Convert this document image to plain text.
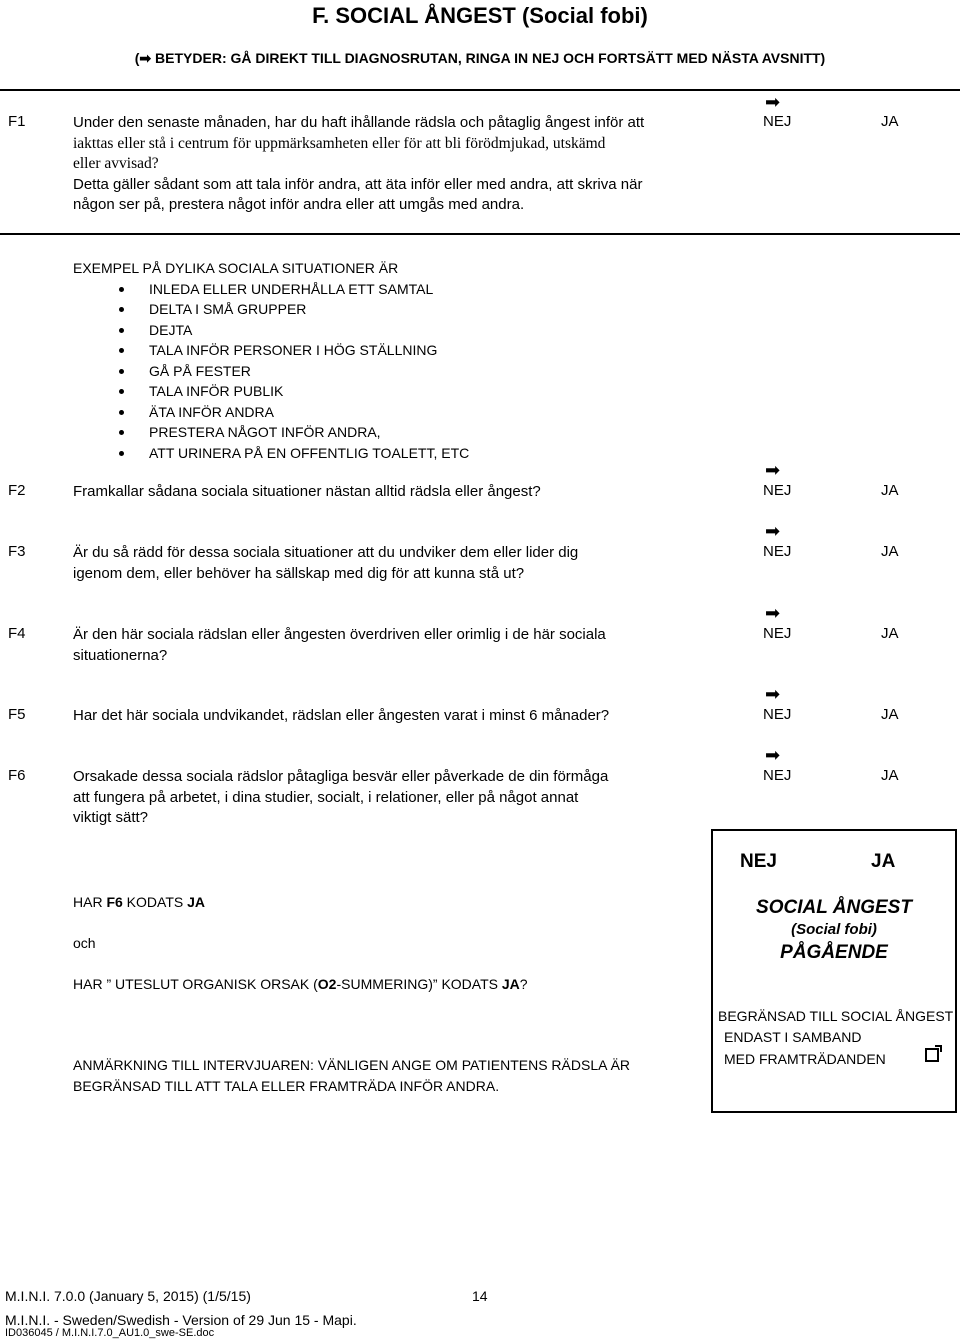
F. SOCIAL ÅNGEST (Social fobi)
(➡ BETYDER: GÅ DIREKT TILL DIAGNOSRUTAN, RINGA IN NEJ OCH FORTSÄTT MED NÄSTA AVSNITT)
F1	Under den senaste månaden, har du haft ihållande rädsla och påtaglig ångest inför att
iakttas eller stå i centrum för uppmärksamheten eller för att bli förödmjukad, utskämd
eller avvisad?
Detta gäller sådant som att tala inför andra, att äta inför eller med andra, att skriva när
någon ser på, prestera något inför andra eller att umgås med andra.
➡
NEJ	JA
EXEMPEL PÅ DYLIKA SOCIALA SITUATIONER ÄR
INLEDA ELLER UNDERHÅLLA ETT SAMTAL
DELTA I SMÅ GRUPPER
DEJTA
TALA INFÖR PERSONER I HÖG STÄLLNING
GÅ PÅ FESTER
TALA INFÖR PUBLIK
ÄTA INFÖR ANDRA
PRESTERA NÅGOT INFÖR ANDRA,
ATT URINERA PÅ EN OFFENTLIG TOALETT, ETC
➡
F2	Framkallar sådana sociala situationer nästan alltid rädsla eller ångest?	NEJ	JA
➡
F3	Är du så rädd för dessa sociala situationer att du undviker dem eller lider dig
igenom dem, eller behöver ha sällskap med dig för att kunna stå ut?
NEJ	JA
➡
F4	Är den här sociala rädslan eller ångesten överdriven eller orimlig i de här sociala
situationerna?
NEJ	JA
➡
F5	Har det här sociala undvikandet, rädslan eller ångesten varat i minst 6 månader?	NEJ	JA
➡
F6	Orsakade dessa sociala rädslor påtagliga besvär eller påverkade de din förmåga
att fungera på arbetet, i dina studier, socialt, i relationer, eller på något annat
viktigt sätt?
NEJ	JA
HAR F6 KODATS JA
och
HAR ” UTESLUT ORGANISK ORSAK (O2-SUMMERING)” KODATS JA?
ANMÄRKNING TILL INTERVJUAREN: VÄNLIGEN ANGE OM PATIENTENS RÄDSLA ÄR
BEGRÄNSAD TILL ATT TALA ELLER FRAMTRÄDA INFÖR ANDRA.
NEJ	JA
SOCIAL ÅNGEST
(Social fobi)
PÅGÅENDE
BEGRÄNSAD TILL SOCIAL ÅNGEST
ENDAST I SAMBAND
MED FRAMTRÄDANDEN
M.I.N.I. 7.0.0 (January 5, 2015) (1/5/15)	14
M.I.N.I. - Sweden/Swedish - Version of 29 Jun 15 - Mapi.
ID036045 / M.I.N.I.7.0_AU1.0_swe-SE.doc
